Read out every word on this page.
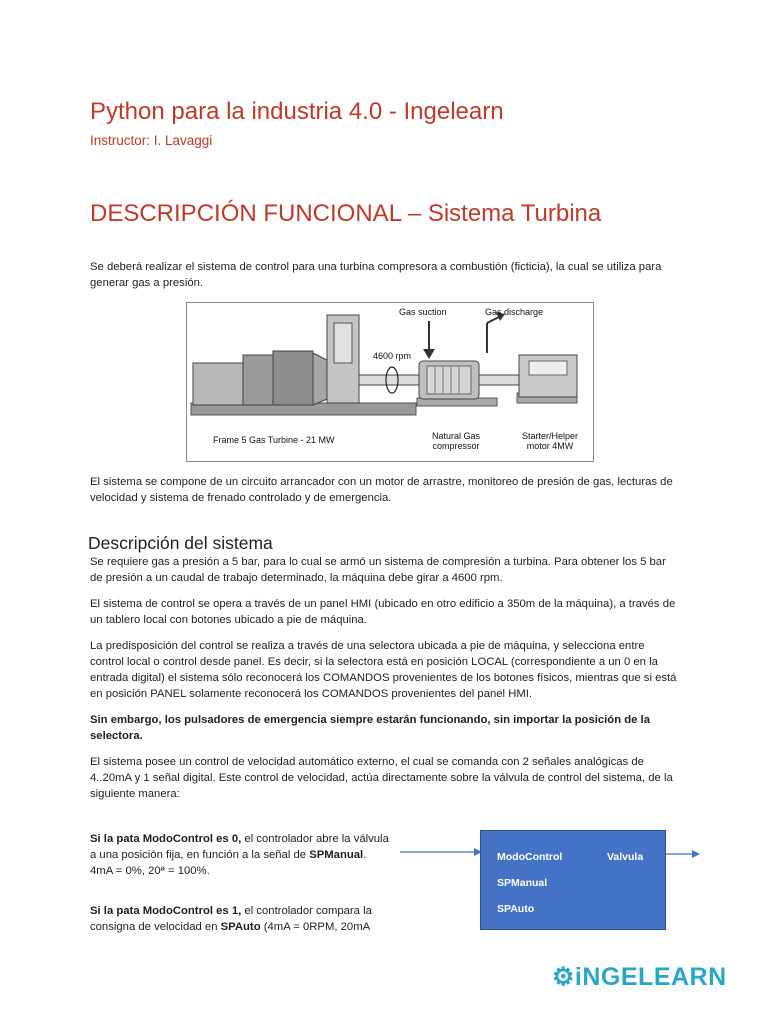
Python para la industria 4.0 - Ingelearn
Instructor: I. Lavaggi
DESCRIPCIÓN FUNCIONAL – Sistema Turbina
Se deberá realizar el sistema de control para una turbina compresora a combustión (ficticia), la cual se utiliza para generar gas a presión.
Gas suction	Gas discharge
4600 rpm
Frame 5 Gas Turbine - 21 MW	Natural Gas
compressor
Starter/Helper
motor 4MW
El sistema se compone de un circuito arrancador con un motor de arrastre, monitoreo de presión de gas, lecturas de velocidad y sistema de frenado controlado y de emergencia.
Descripción del sistema
Se requiere gas a presión a 5 bar, para lo cual se armó un sistema de compresión a turbina. Para obtener los 5 bar de presión a un caudal de trabajo determinado, la máquina debe girar a 4600 rpm.
El sistema de control se opera a través de un panel HMI (ubicado en otro edificio a 350m de la máquina), a través de un tablero local con botones ubicado a pie de máquina.
La predisposición del control se realiza a través de una selectora ubicada a pie de máquina, y selecciona entre control local o control desde panel. Es decir, si la selectora está en posición LOCAL (correspondiente a un 0 en la entrada digital) el sistema sólo reconocerá los COMANDOS provenientes de los botones físicos, mientras que si está en posición PANEL solamente reconocerá los COMANDOS provenientes del panel HMI.
Sin embargo, los pulsadores de emergencia siempre estarán funcionando, sin importar la posición de la selectora.
El sistema posee un control de velocidad automático externo, el cual se comanda con 2 señales analógicas de 4..20mA y 1 señal digital. Este control de velocidad, actúa directamente sobre la válvula de control del sistema, de la siguiente manera:
Si la pata ModoControl es 0, el controlador abre la válvula a una posición fija, en función a la señal de SPManual. 4mA = 0%, 20ª = 100%.
Si la pata ModoControl es 1, el controlador compara la consigna de velocidad en SPAuto (4mA = 0RPM, 20mA
ModoControl	Valvula
SPManual
SPAuto
⚙iNGELEARN
